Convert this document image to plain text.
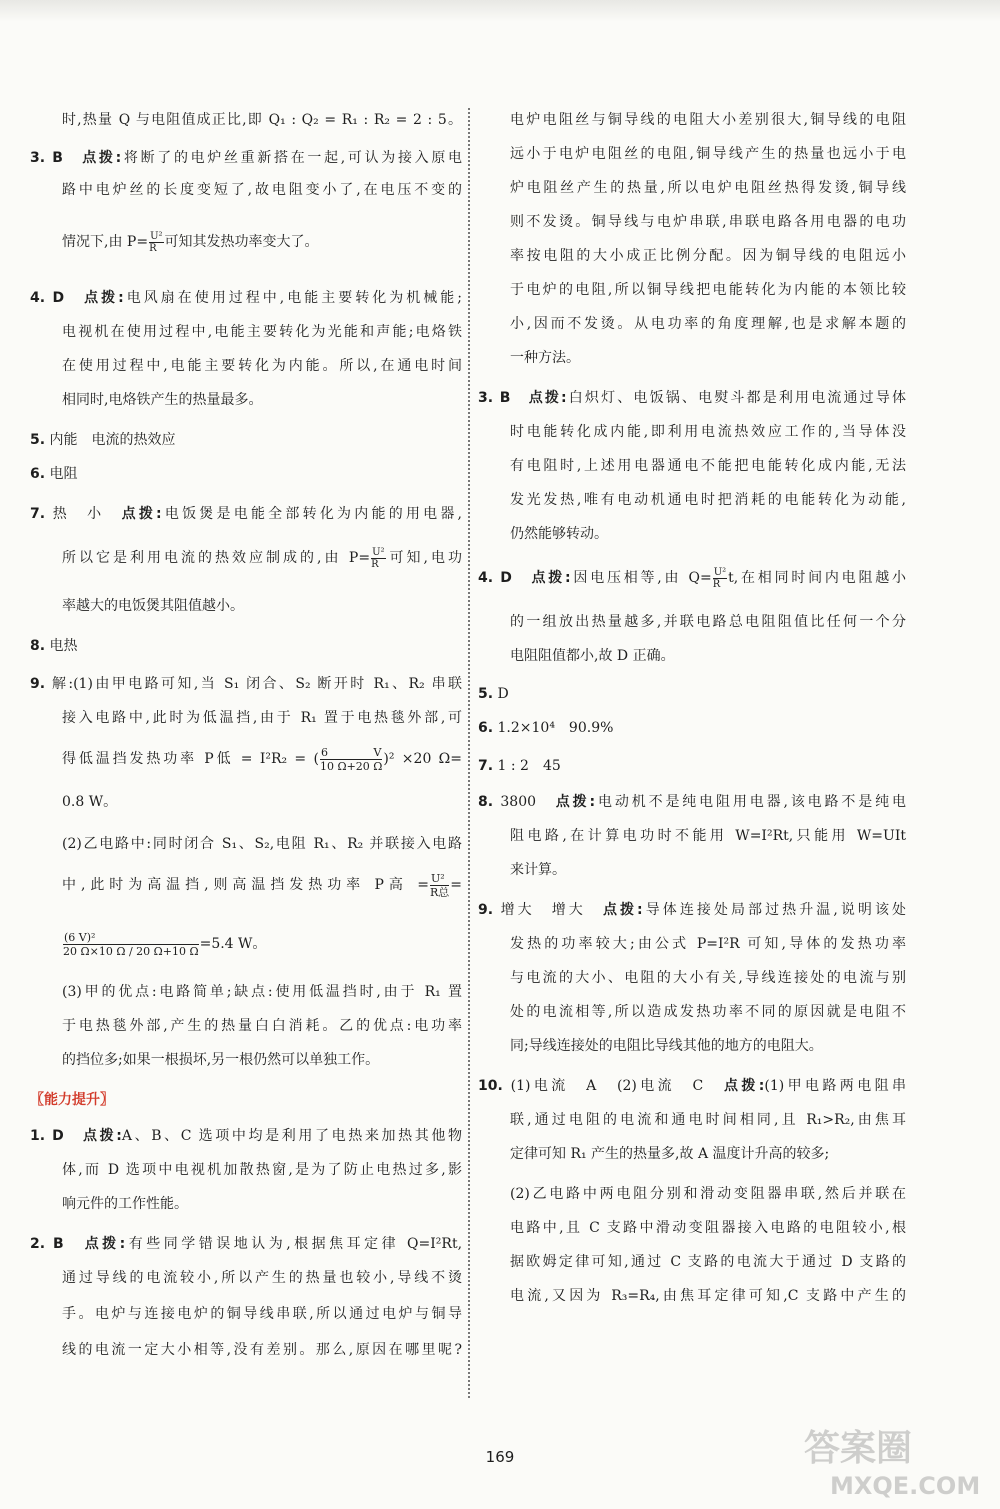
时,热量 Q 与电阻值成正比,即 Q₁ : Q₂ = R₁ : R₂ = 2 : 5。
3. B　 点拨:将断了的电炉丝重新搭在一起,可认为接入原电
路中电炉丝的长度变短了,故电阻变小了,在电压不变的
情况下,由 $P= \frac{\text{U²}}{R}$ 可知其发热功率变大了。
4. D　 点拨:电风扇在使用过程中,电能主要转化为机械能;
电视机在使用过程中,电能主要转化为光能和声能;电烙铁
在使用过程中,电能主要转化为内能。所以,在通电时间
相同时,电烙铁产生的热量最多。
5. 内能　电流的热效应
6. 电阻
7. 热　小　 点拨:电饭煲是电能全部转化为内能的用电器,
所以它是利用电流的热效应制成的,由 $P= \frac{\text{U²}}{R}$ 可知,电功
率越大的电饭煲其阻值越小。
8. 电热
9. 解:(1)由甲电路可知,当 S₁ 闭合、S₂ 断开时 R₁、R₂ 串联
接入电路中,此时为低温挡,由于 R₁ 置于电热毯外部,可
得低温挡发热功率 P低 = I²R₂ = ( $\frac{6 V}{10 \Omega+20 \Omega} )^2 \times 20$ Ω=
0.8 W。
(2)乙电路中:同时闭合 S₁、S₂,电阻 R₁、R₂ 并联接入电路
中,此时为高温挡,则高温挡发热功率 P高 = $\frac{\text{U²}}{\text{R总}}$ =
$\frac{\text{(6 V)²}}{20 \Omega\times 10 \Omega / 20 \Omega+10 \Omega} =5.4$ W。
(3)甲的优点:电路简单;缺点:使用低温挡时,由于 R₁ 置
于电热毯外部,产生的热量白白消耗。乙的优点:电功率
的挡位多;如果一根损坏,另一根仍然可以单独工作。
〖能力提升〗
1. D　 点拨:A、B、C 选项中均是利用了电热来加热其他物
体,而 D 选项中电视机加散热窗,是为了防止电热过多,影
响元件的工作性能。
2. B　 点拨:有些同学错误地认为,根据焦耳定律 Q=I²Rt,
通过导线的电流较小,所以产生的热量也较小,导线不烫
手。电炉与连接电炉的铜导线串联,所以通过电炉与铜导
线的电流一定大小相等,没有差别。那么,原因在哪里呢?
电炉电阻丝与铜导线的电阻大小差别很大,铜导线的电阻
远小于电炉电阻丝的电阻,铜导线产生的热量也远小于电
炉电阻丝产生的热量,所以电炉电阻丝热得发烫,铜导线
则不发烫。铜导线与电炉串联,串联电路各用电器的电功
率按电阻的大小成正比例分配。因为铜导线的电阻远小
于电炉的电阻,所以铜导线把电能转化为内能的本领比较
小,因而不发烫。从电功率的角度理解,也是求解本题的
一种方法。
3. B　 点拨:白炽灯、电饭锅、电熨斗都是利用电流通过导体
时电能转化成内能,即利用电流热效应工作的,当导体没
有电阻时,上述用电器通电不能把电能转化成内能,无法
发光发热,唯有电动机通电时把消耗的电能转化为动能,
仍然能够转动。
4. D　 点拨:因电压相等,由 $Q= \frac{\text{U²}}{R} t$,在相同时间内电阻越小
的一组放出热量越多,并联电路总电阻阻值比任何一个分
电阻阻值都小,故 D 正确。
5. D
6. 1.2×10⁴　90.9%
7. 1 : 2　45
8. 3800　 点拨:电动机不是纯电阻用电器,该电路不是纯电
阻电路,在计算电功时不能用 W=I²Rt,只能用 W=UIt
来计算。
9. 增大　增大　 点拨:导体连接处局部过热升温,说明该处
发热的功率较大;由公式 P=I²R 可知,导体的发热功率
与电流的大小、电阻的大小有关,导线连接处的电流与别
处的电流相等,所以造成发热功率不同的原因就是电阻不
同;导线连接处的电阻比导线其他的地方的电阻大。
10. (1)电流　A　(2)电流　C　 点拨:(1)甲电路两电阻串
联,通过电阻的电流和通电时间相同,且 R₁>R₂,由焦耳
定律可知 R₁ 产生的热量多,故 A 温度计升高的较多;
(2)乙电路中两电阻分别和滑动变阻器串联,然后并联在
电路中,且 C 支路中滑动变阻器接入电路的电阻较小,根
据欧姆定律可知,通过 C 支路的电流大于通过 D 支路的
电流,又因为 R₃=R₄,由焦耳定律可知,C 支路中产生的
169	答案圈
MXQE.COM
